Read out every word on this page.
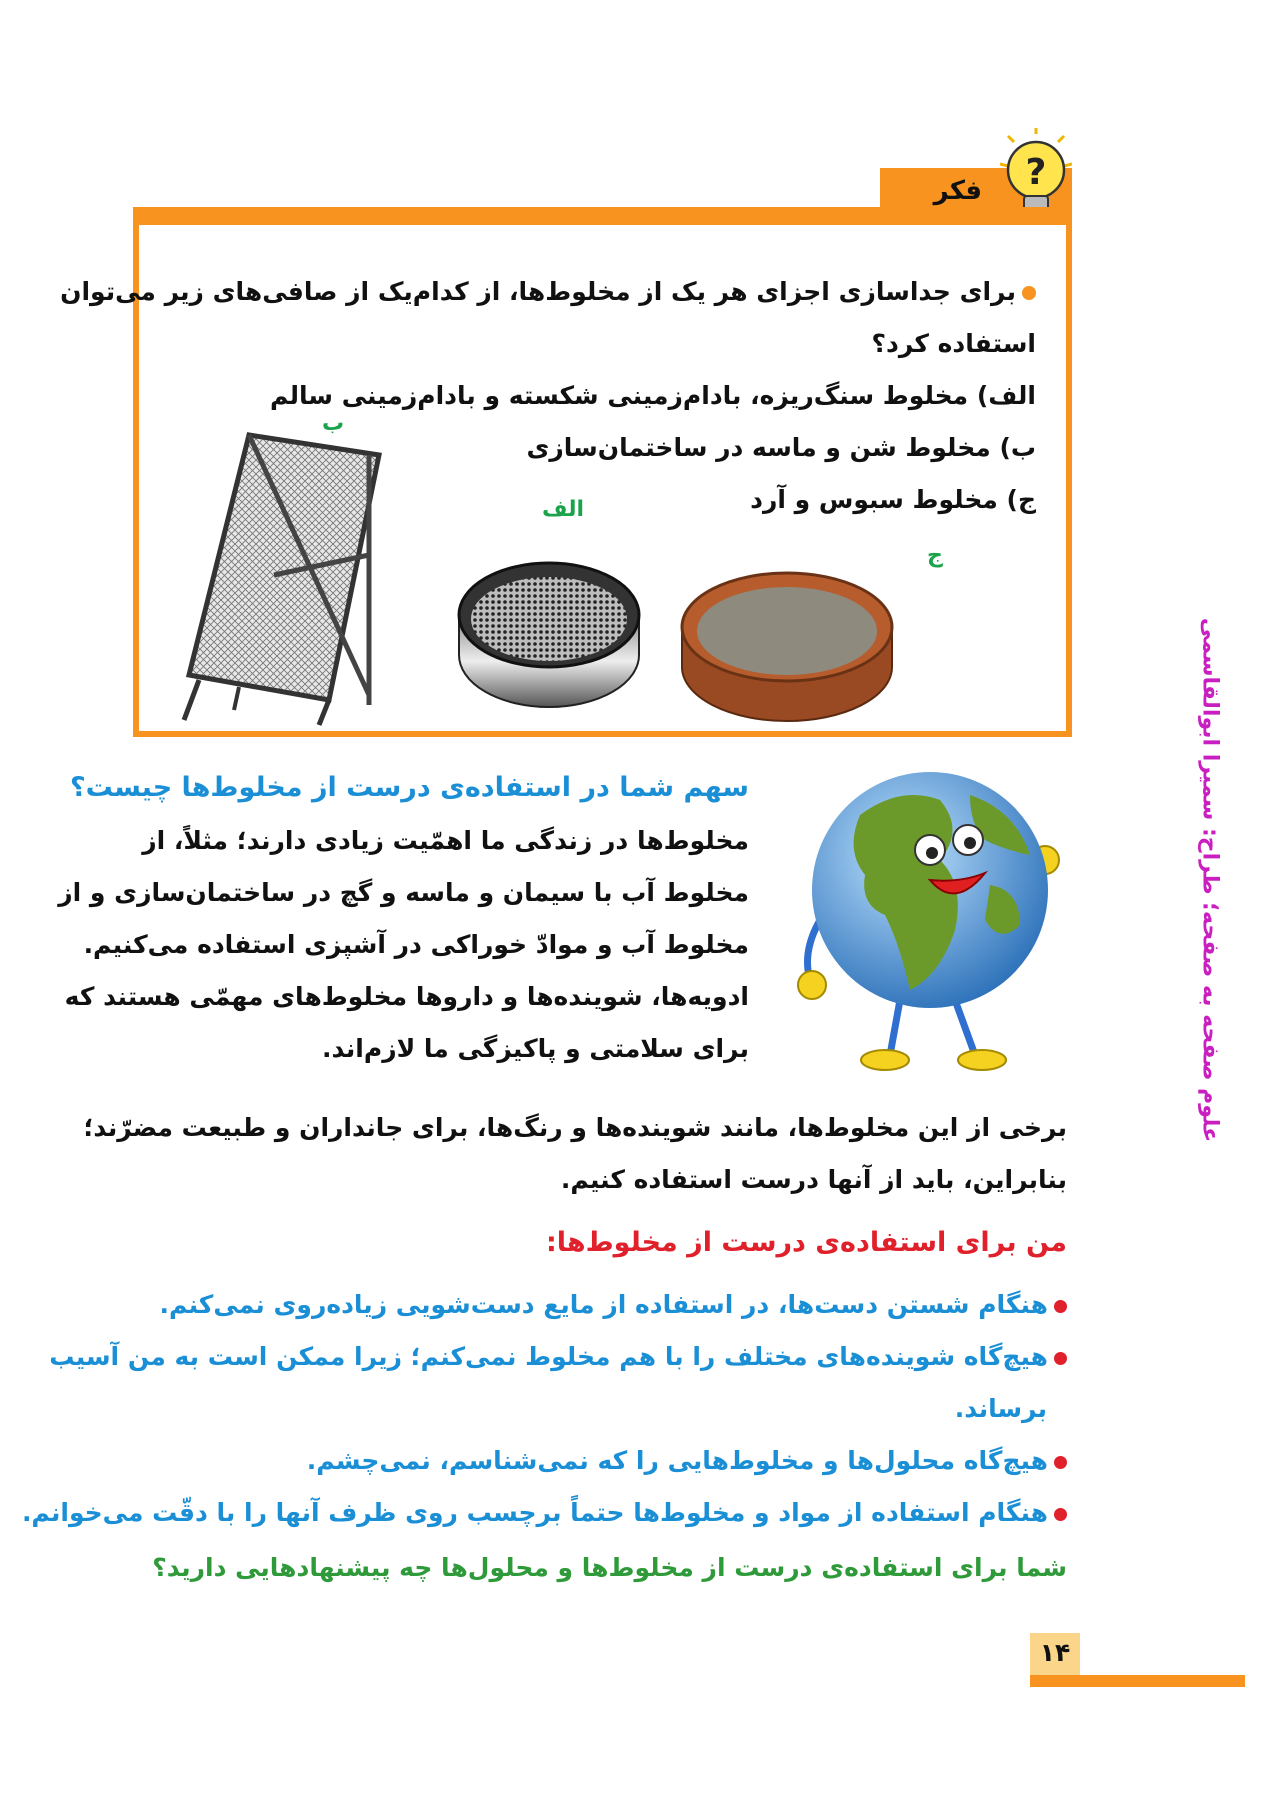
فکر ?
برای جداسازی اجزای هر یک از مخلوط‌ها، از کدام‌یک از صافی‌های زیر می‌توان
استفاده کرد؟
الف) مخلوط سنگ‌ریزه، بادام‌زمینی شکسته و بادام‌زمینی سالم
ب) مخلوط شن و ماسه در ساختمان‌سازی
ج) مخلوط سبوس و آرد
ب
الف
ج
سهم شما در استفاده‌ی درست از مخلوط‌ها چیست؟
مخلوط‌ها در زندگی ما اهمّیت زیادی دارند؛ مثلاً، از
مخلوط آب با سیمان و ماسه و گچ در ساختمان‌سازی و از
مخلوط آب و موادّ خوراکی در آشپزی استفاده می‌کنیم.
ادویه‌ها، شوینده‌ها و داروها مخلوط‌های مهمّی هستند که
برای سلامتی و پاکیزگی ما لازم‌اند.
برخی از این مخلوط‌ها، مانند شوینده‌ها و رنگ‌ها، برای جانداران و طبیعت مضرّند؛
بنابراین، باید از آنها درست استفاده کنیم.
علوم صفحه به صفحه؛ طراح: سمیرا ابوالقاسمی
من برای استفاده‌ی درست از مخلوط‌ها:
هنگام شستن دست‌ها، در استفاده از مایع دست‌شویی زیاده‌روی نمی‌کنم.
هیچ‌گاه شوینده‌های مختلف را با هم مخلوط نمی‌کنم؛ زیرا ممکن است به من آسیب
برساند.
هیچ‌گاه محلول‌ها و مخلوط‌هایی را که نمی‌شناسم، نمی‌چشم.
هنگام استفاده از مواد و مخلوط‌ها حتماً برچسب روی ظرف آنها را با دقّت می‌خوانم.
شما برای استفاده‌ی درست از مخلوط‌ها و محلول‌ها چه پیشنهادهایی دارید؟
۱۴
